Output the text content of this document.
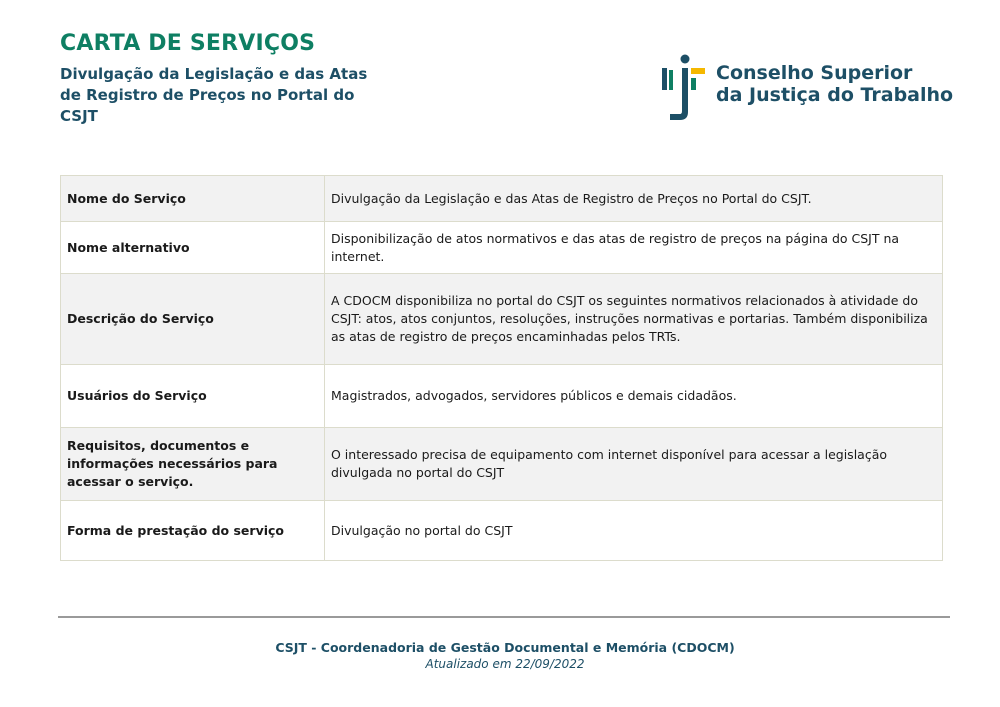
CARTA DE SERVIÇOS
Divulgação da Legislação e das Atas de Registro de Preços no Portal do CSJT
Conselho Superior
da Justiça do Trabalho
Nome do Serviço	Divulgação da Legislação e das Atas de Registro de Preços no Portal do CSJT.
Nome alternativo	Disponibilização de atos normativos e das atas de registro de preços na página do CSJT na internet.
Descrição do Serviço	A CDOCM disponibiliza no portal do CSJT os seguintes normativos relacionados à atividade do CSJT: atos, atos conjuntos, resoluções, instruções normativas e portarias. Também disponibiliza as atas de registro de preços encaminhadas pelos TRTs.
Usuários do Serviço	Magistrados, advogados, servidores públicos e demais cidadãos.
Requisitos, documentos e informações necessários para acessar o serviço.	O interessado precisa de equipamento com internet disponível para acessar a legislação divulgada no portal do CSJT
Forma de prestação do serviço	Divulgação no portal do CSJT
CSJT - Coordenadoria de Gestão Documental e Memória (CDOCM)
Atualizado em 22/09/2022
